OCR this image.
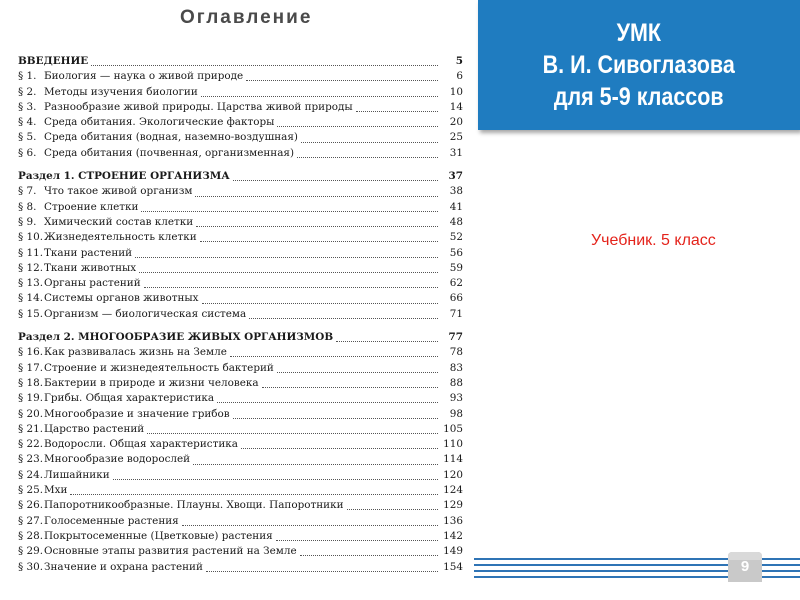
Оглавление
ВВЕДЕНИЕ	5
§ 1. Биология — наука о живой природе	6
§ 2. Методы изучения биологии	10
§ 3. Разнообразие живой природы. Царства живой природы	14
§ 4. Среда обитания. Экологические факторы	20
§ 5. Среда обитания (водная, наземно-воздушная)	25
§ 6. Среда обитания (почвенная, организменная)	31
Раздел 1. СТРОЕНИЕ ОРГАНИЗМА	37
§ 7. Что такое живой организм	38
§ 8. Строение клетки	41
§ 9. Химический состав клетки	48
§ 10. Жизнедеятельность клетки	52
§ 11. Ткани растений	56
§ 12. Ткани животных	59
§ 13. Органы растений	62
§ 14. Системы органов животных	66
§ 15. Организм — биологическая система	71
Раздел 2. МНОГООБРАЗИЕ ЖИВЫХ ОРГАНИЗМОВ	77
§ 16. Как развивалась жизнь на Земле	78
§ 17. Строение и жизнедеятельность бактерий	83
§ 18. Бактерии в природе и жизни человека	88
§ 19. Грибы. Общая характеристика	93
§ 20. Многообразие и значение грибов	98
§ 21. Царство растений	105
§ 22. Водоросли. Общая характеристика	110
§ 23. Многообразие водорослей	114
§ 24. Лишайники	120
§ 25. Мхи	124
§ 26. Папоротникообразные. Плауны. Хвощи. Папоротники	129
§ 27. Голосеменные растения	136
§ 28. Покрытосеменные (Цветковые) растения	142
§ 29. Основные этапы развития растений на Земле	149
§ 30. Значение и охрана растений	154
УМК
В. И. Сивоглазова
для 5-9 классов
Учебник. 5 класс
9
